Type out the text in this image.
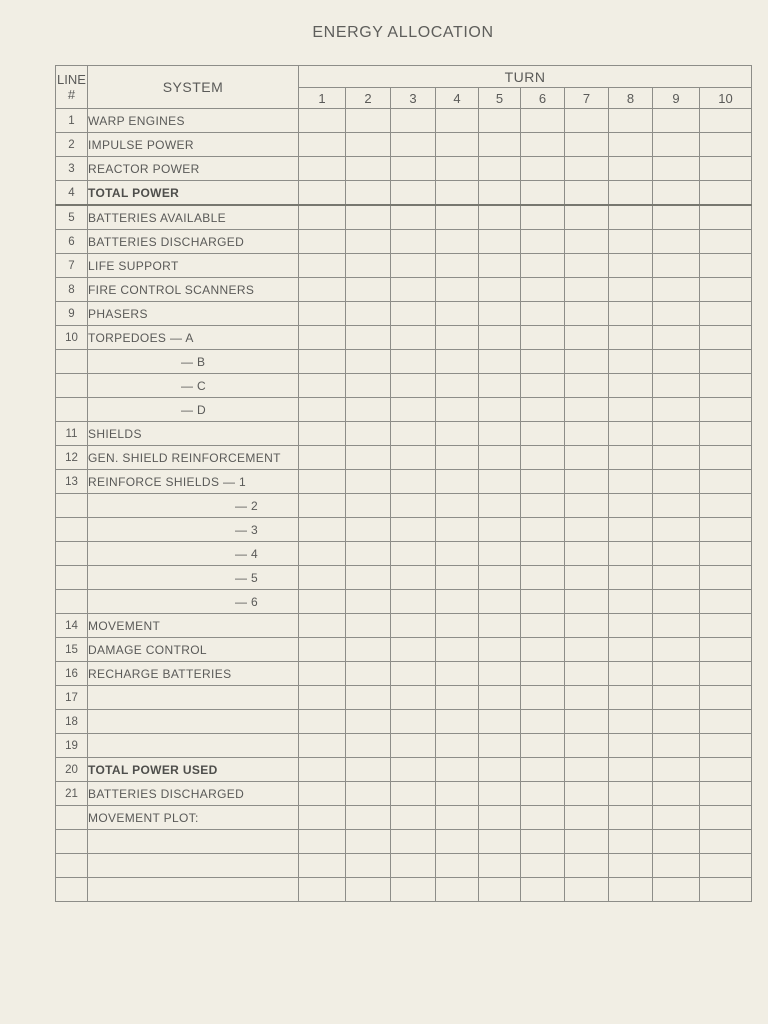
ENERGY ALLOCATION
LINE
#	SYSTEM	TURN									
		1	2	3	4	5	6	7	8	9	10
1	WARP ENGINES										
2	IMPULSE POWER										
3	REACTOR POWER										
4	TOTAL POWER										
5	BATTERIES AVAILABLE										
6	BATTERIES DISCHARGED										
7	LIFE SUPPORT										
8	FIRE CONTROL SCANNERS										
9	PHASERS										
10	TORPEDOES — A										
	— B										
	— C										
	— D										
11	SHIELDS										
12	GEN. SHIELD REINFORCEMENT										
13	REINFORCE SHIELDS — 1										
	— 2										
	— 3										
	— 4										
	— 5										
	— 6										
14	MOVEMENT										
15	DAMAGE CONTROL										
16	RECHARGE BATTERIES										
17											
18											
19											
20	TOTAL POWER USED										
21	BATTERIES DISCHARGED										
	MOVEMENT PLOT:										
